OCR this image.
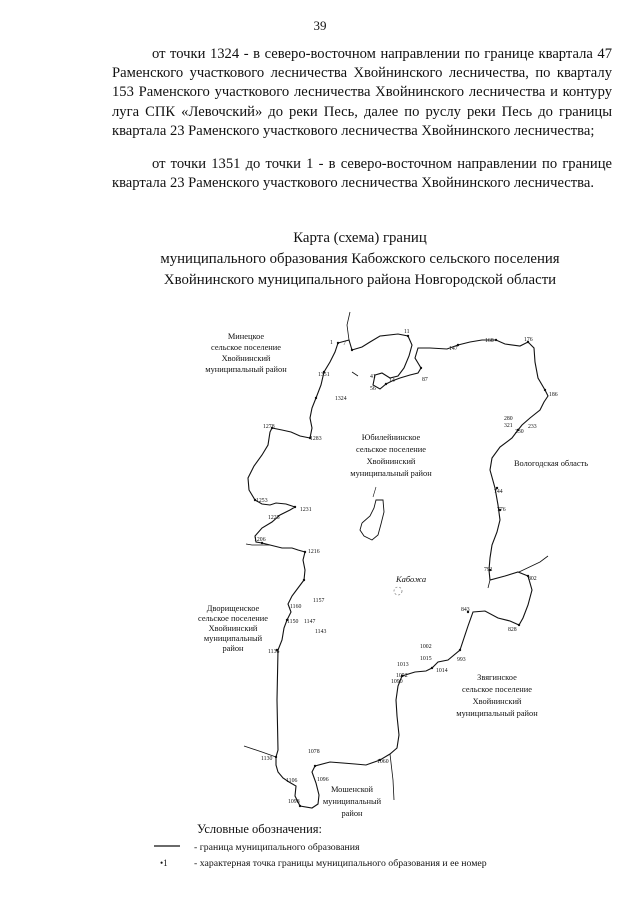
39

от точки 1324 - в северо-восточном направлении по границе квартала 47 Раменского участкового лесничества Хвойнинского лесничества, по кварталу 153 Раменского участкового лесничества Хвойнинского лесничества и контуру луга СПК «Левочский» до реки Песь, далее по руслу реки Песь до границы квартала 23 Раменского участкового лесничества Хвойнинского лесничества;

от точки 1351 до точки 1 - в северо-восточном направлении по границе квартала 23 Раменского участкового лесничества Хвойнинского лесничества.

Карта (схема) границ
муниципального образования Кабожского сельского поселения
Хвойнинского муниципального района Новгородской области
1 7
11
14
41
56
87
147
168	176
186
233
280
321
330
744
776
791
802
828
843
993
1002
1013
1014
1015
1052
1060
1078
1090
1096
1098
1106
1130
1136
1143
1147
1150
1157
1160
1206
1216
1225
1231
1253
1278
1283
1324
1351
Минецкое
сельское поселение
Хвойнинский
муниципальный район
Юбилейнинское
сельское поселение
Хвойнинский
муниципальный район
Вологодская область
Дворищенское
сельское поселение
Хвойнинский
муниципальный
район
Звягинское
сельское поселение
Хвойнинский
муниципальный район
Мошенской
муниципальный
район
Кабожа
Условные обозначения:
- граница муниципального образования
•1	- характерная точка границы муниципального образования и ее номер
